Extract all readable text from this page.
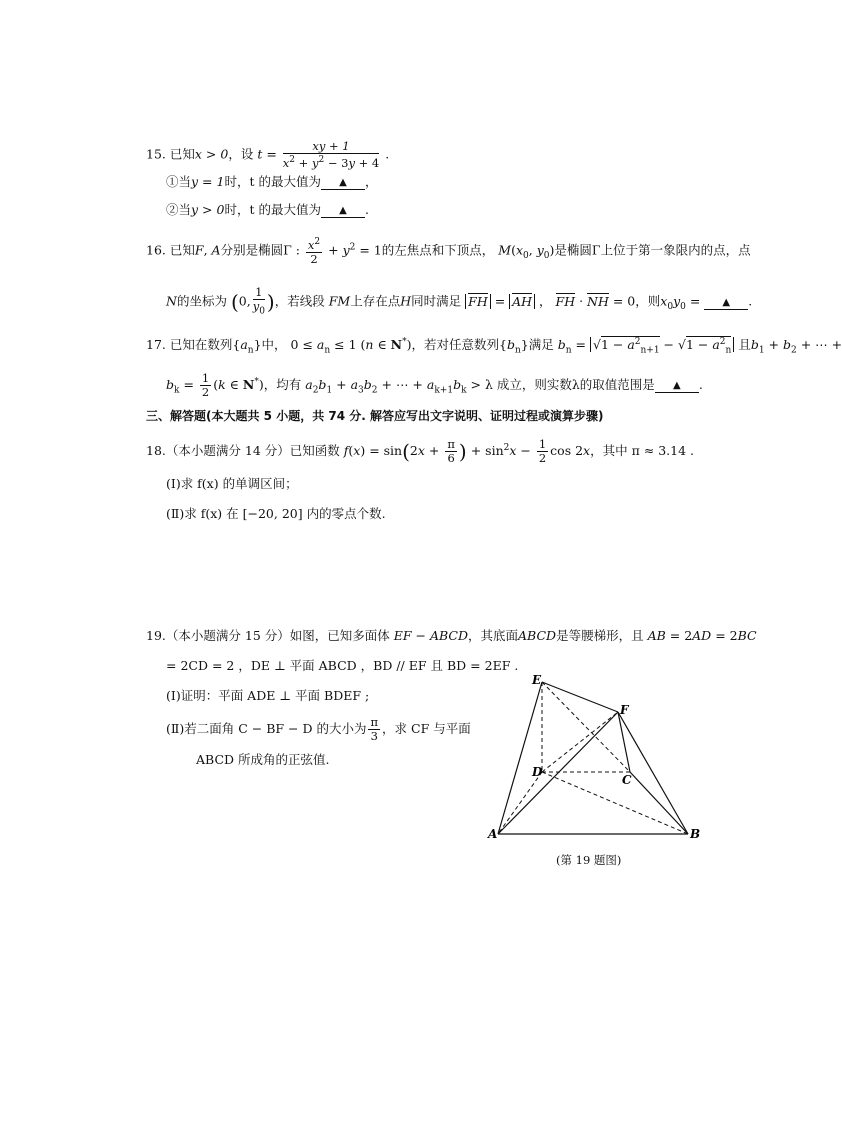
15. 已知x > 0，设 $t = \frac{xy + 1}{x^2 + y^2 - 3y + 4}$ .
①当y = 1时，t 的最大值为 ▲ ，
②当y > 0时，t 的最大值为 ▲ .
16. 已知F, A分别是椭圆Γ : $\frac{x^2}{2} + y^2 = 1$的左焦点和下顶点， $M(x_0$, $y_0$)是椭圆Γ上位于第一象限内的点，点
N的坐标为 (0, $\frac{1}{y_0}$ )，若线段 FM上存在点H同时满足 FH = AH ， FH · NH = 0，则$x_0y_0$ = ▲ .
17. 已知在数列$\{a_n\}$中， $0 \le a_n \le 1$ (n ∈ N*)，若对任意数列$\{b_n\}$满足 $b_n = √1 - a^2_{n+1} - √1 - a^2_n$ 且$b_1 + b_2$ + ⋯ +
$b_k = \frac{1}{2} (k$ ∈ N*)，均有 $a_2b_1 + a_3b_2$ + ⋯ + $a_{k+1}b_k > \lambda$ 成立，则实数λ的取值范围是 ▲ .
三、解答题(本大题共 5 小题，共 74 分. 解答应写出文字说明、证明过程或演算步骤)
18.（本小题满分 14 分）已知函数 $f(x) = \sin(2x + \frac{\pi}{6}$ ) + $\sin^2x - \frac{1}{2}$ cos 2x，其中 π ≈ 3.14 .
(Ⅰ)求 f(x) 的单调区间；
(Ⅱ)求 f(x) 在 [−20, 20] 内的零点个数.
19.（本小题满分 15 分）如图，已知多面体 EF − ABCD，其底面ABCD是等腰梯形，且 AB = 2AD = 2BC
= 2CD = 2 ，DE ⊥ 平面 ABCD ，BD // EF 且 BD = 2EF .
(Ⅰ)证明：平面 ADE ⊥ 平面 BDEF ;
(Ⅱ)若二面角 C − BF − D 的大小为 $\frac{\pi}{3}$ ，求 CF 与平面
ABCD 所成角的正弦值.
E
F
D
C
A	B
(第 19 题图)
